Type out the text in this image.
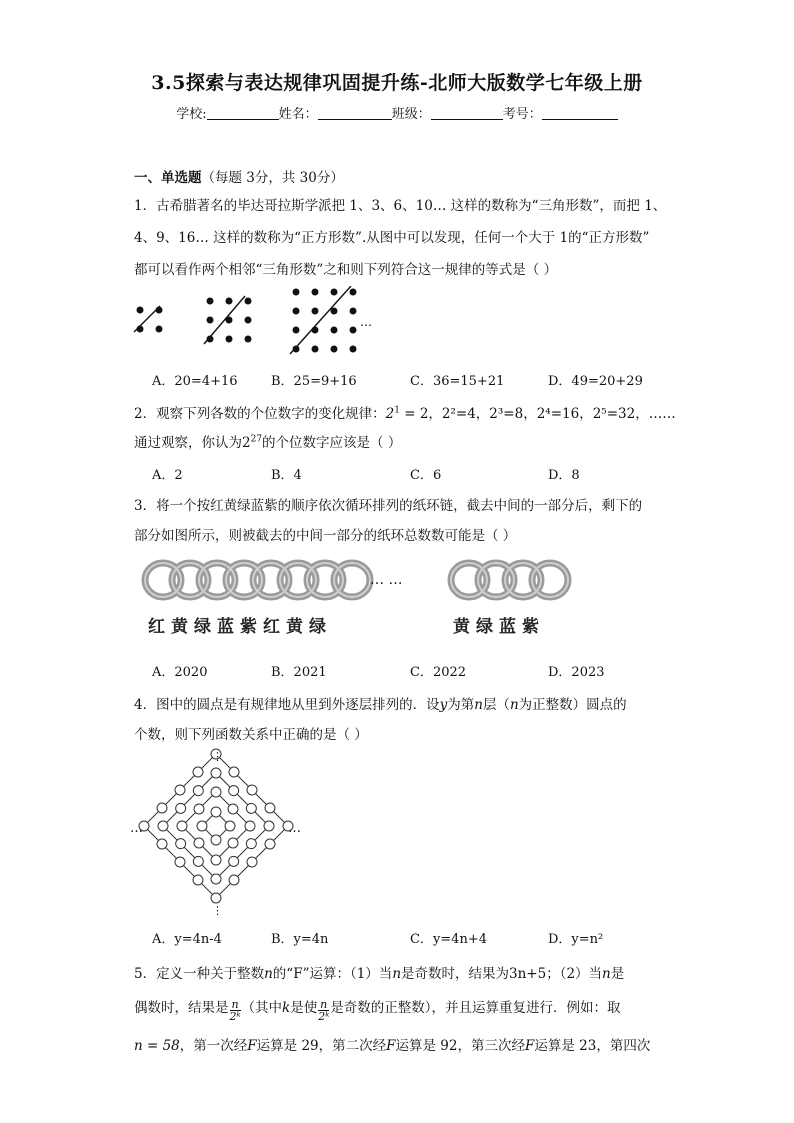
3.5探索与表达规律巩固提升练-北师大版数学七年级上册
学校:	姓名：	班级：	考号：
一、单选题（每题 3分，共 30分）
1．古希腊著名的毕达哥拉斯学派把 1、3、6、10… 这样的数称为“三角形数”，而把 1、
4、9、16… 这样的数称为“正方形数”.从图中可以发现，任何一个大于 1的“正方形数”
都可以看作两个相邻“三角形数”之和则下列符合这一规律的等式是（ ）
…
A．20=4+16	B．25=9+16	C．36=15+21	D．49=20+29
2．观察下列各数的个位数字的变化规律：$2^1 = 2$，2²=4，2³=8，2⁴=16，2⁵=32，……
通过观察，你认为$2^{27}$的个位数字应该是（ ）
A．2	B．4	C．6	D．8
3．将一个按红黄绿蓝紫的顺序依次循环排列的纸环链，截去中间的一部分后，剩下的
部分如图所示，则被截去的中间一部分的纸环总数数可能是（ ）
… …
红黄绿蓝紫红黄绿	黄绿蓝紫
A．2020	B．2021	C．2022	D．2023
4．图中的圆点是有规律地从里到外逐层排列的．设y为第n层（n为正整数）圆点的
个数，则下列函数关系中正确的是（ ）
…	…
⋮
⋮
A．y=4n-4	B．y=4n	C．y=4n+4	D．y=n²
5．定义一种关于整数n的“F”运算：（1）当n是奇数时，结果为3n+5；（2）当n是
偶数时，结果是 $\frac{n}{\text{2ᵏ}}$ （其中k是使 $\frac{n}{\text{2ᵏ}}$ 是奇数的正整数），并且运算重复进行．例如：取
n = 58，第一次经F运算是 29，第二次经F运算是 92，第三次经F运算是 23，第四次
